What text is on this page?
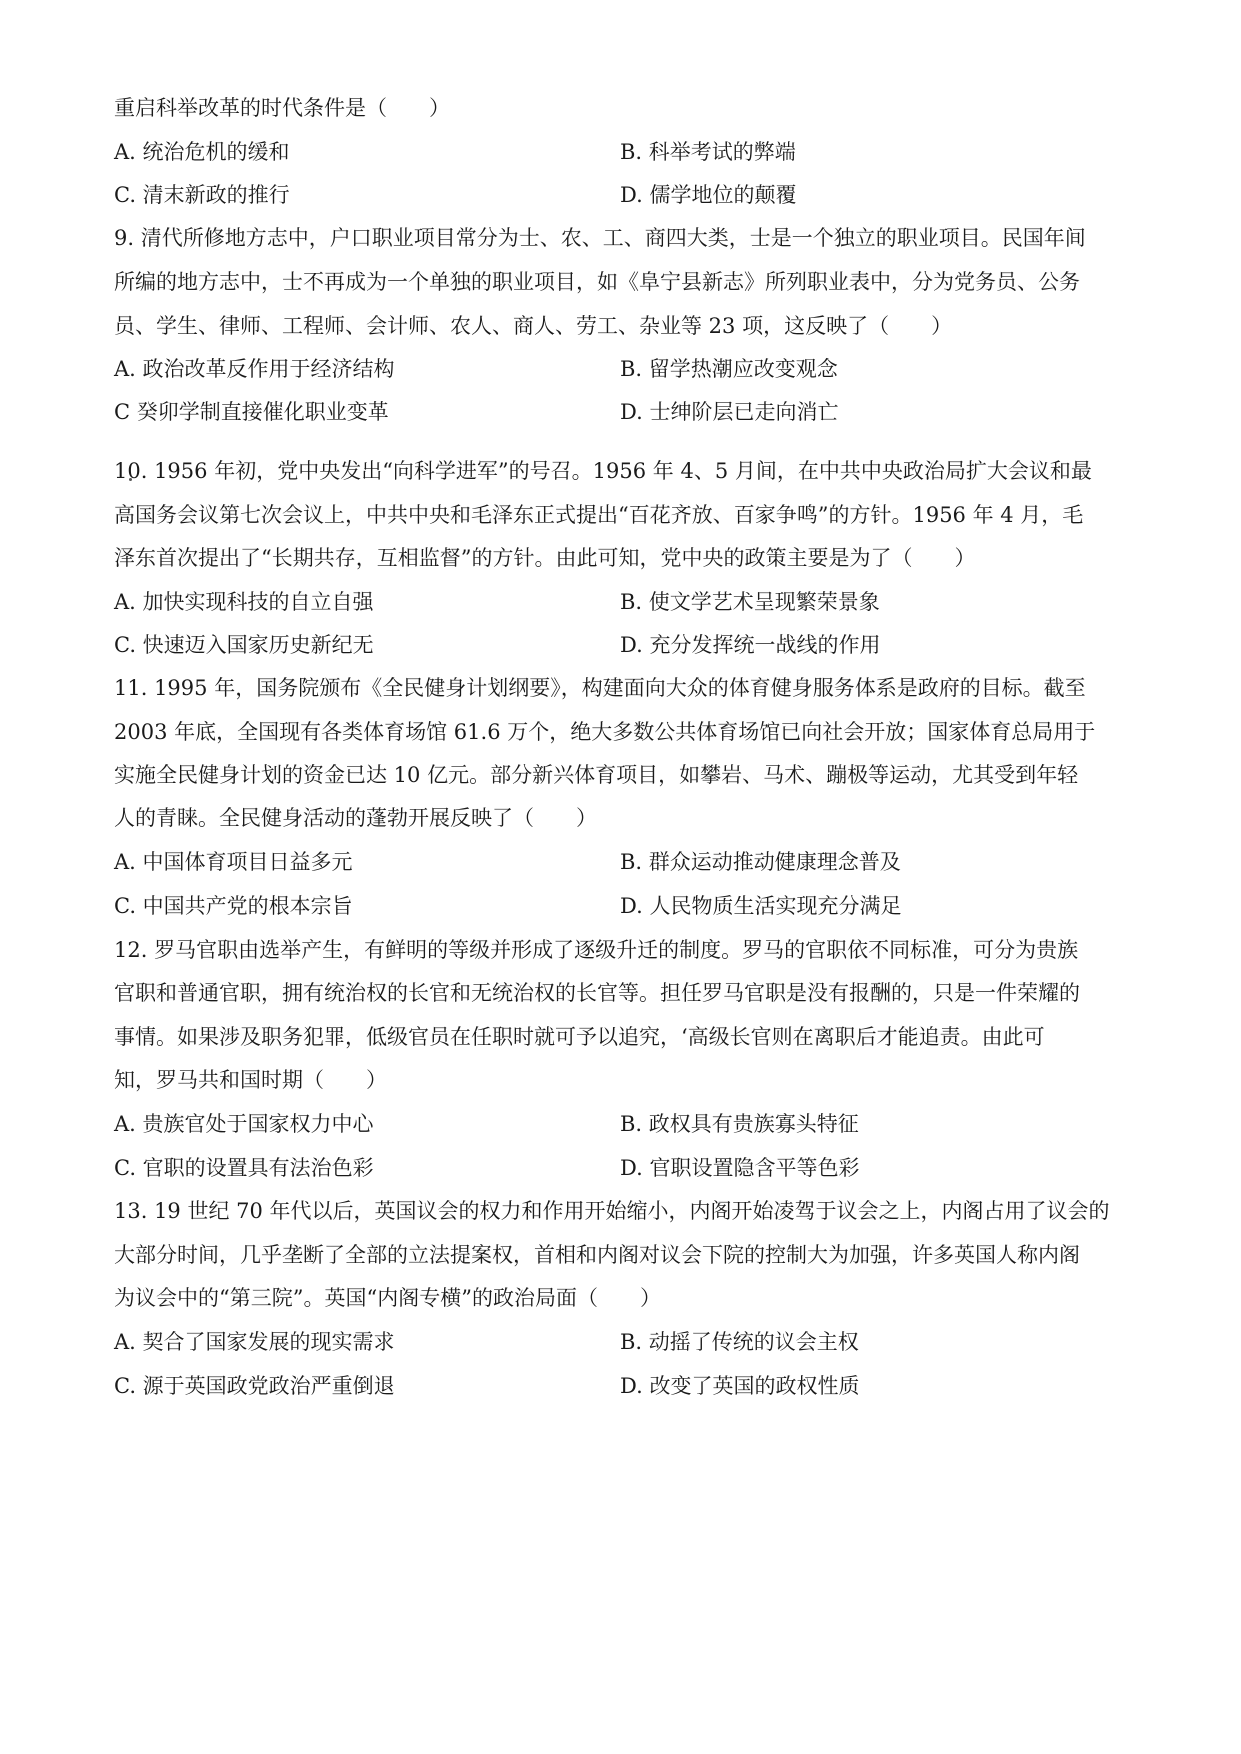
重启科举改革的时代条件是（　　）
A. 统治危机的缓和	B. 科举考试的弊端
C. 清末新政的推行	D. 儒学地位的颠覆
9. 清代所修地方志中，户口职业项目常分为士、农、工、商四大类，士是一个独立的职业项目。民国年间
所编的地方志中，士不再成为一个单独的职业项目，如《阜宁县新志》所列职业表中，分为党务员、公务
员、学生、律师、工程师、会计师、农人、商人、劳工、杂业等 23 项，这反映了（　　）
A. 政治改革反作用于经济结构	B. 留学热潮应改变观念
C 癸卯学制直接催化职业变革	D. 士绅阶层已走向消亡
10. 1956 年初，党中央发出“向科学进军”的号召。1956 年 4、5 月间，在中共中央政治局扩大会议和最
高国务会议第七次会议上，中共中央和毛泽东正式提出“百花齐放、百家争鸣”的方针。1956 年 4 月，毛
泽东首次提出了“长期共存，互相监督”的方针。由此可知，党中央的政策主要是为了（　　）
A. 加快实现科技的自立自强	B. 使文学艺术呈现繁荣景象
C. 快速迈入国家历史新纪无	D. 充分发挥统一战线的作用
11. 1995 年，国务院颁布《全民健身计划纲要》，构建面向大众的体育健身服务体系是政府的目标。截至
2003 年底，全国现有各类体育场馆 61.6 万个，绝大多数公共体育场馆已向社会开放；国家体育总局用于
实施全民健身计划的资金已达 10 亿元。部分新兴体育项目，如攀岩、马术、蹦极等运动，尤其受到年轻
人的青睐。全民健身活动的蓬勃开展反映了（　　）
A. 中国体育项目日益多元	B. 群众运动推动健康理念普及
C. 中国共产党的根本宗旨	D. 人民物质生活实现充分满足
12. 罗马官职由选举产生，有鲜明的等级并形成了逐级升迁的制度。罗马的官职依不同标准，可分为贵族
官职和普通官职，拥有统治权的长官和无统治权的长官等。担任罗马官职是没有报酬的，只是一件荣耀的
事情。如果涉及职务犯罪，低级官员在任职时就可予以追究，‘高级长官则在离职后才能追责。由此可
知，罗马共和国时期（　　）
A. 贵族官处于国家权力中心	B. 政权具有贵族寡头特征
C. 官职的设置具有法治色彩	D. 官职设置隐含平等色彩
13. 19 世纪 70 年代以后，英国议会的权力和作用开始缩小，内阁开始凌驾于议会之上，内阁占用了议会的
大部分时间，几乎垄断了全部的立法提案权，首相和内阁对议会下院的控制大为加强，许多英国人称内阁
为议会中的“第三院”。英国“内阁专横”的政治局面（　　）
A. 契合了国家发展的现实需求	B. 动摇了传统的议会主权
C. 源于英国政党政治严重倒退	D. 改变了英国的政权性质
